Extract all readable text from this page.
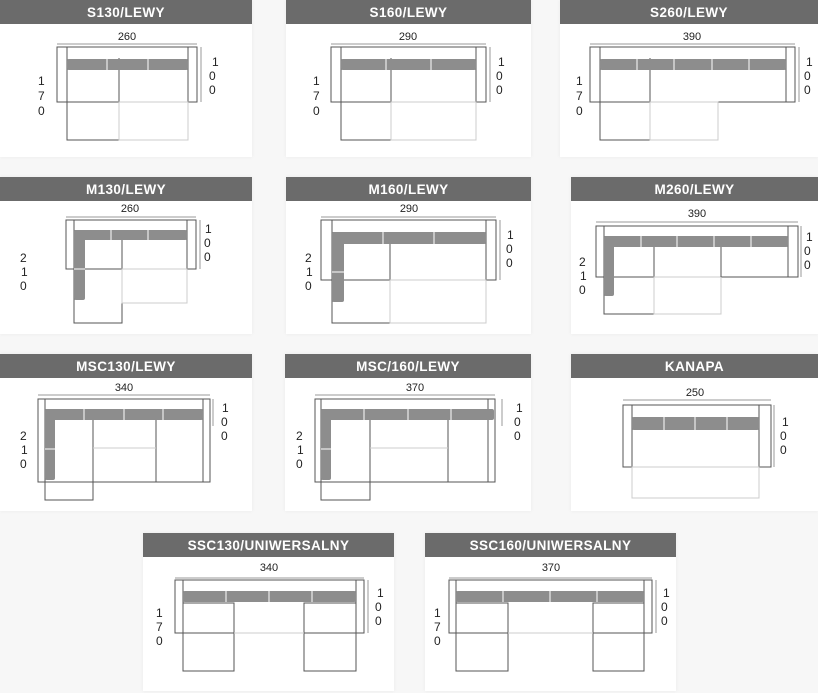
S130/LEWY
260
1
0
0
1
7
0
S160/LEWY
290
1
0
0
1
7
0
S260/LEWY
390
1
0
0
1
7
0
M130/LEWY
260
1
0
0
2
1
0
M160/LEWY
290
1
0
0
2
1
0
M260/LEWY
390
1
0
0
2
1
0
MSC130/LEWY
340
1
0
0
2
1
0
MSC/160/LEWY
370
1
0
0
2
1
0
KANAPA
250
1
0
0
SSC130/UNIWERSALNY
340
1
0
0
1
7
0
SSC160/UNIWERSALNY
370
1
0
0
1
7
0
